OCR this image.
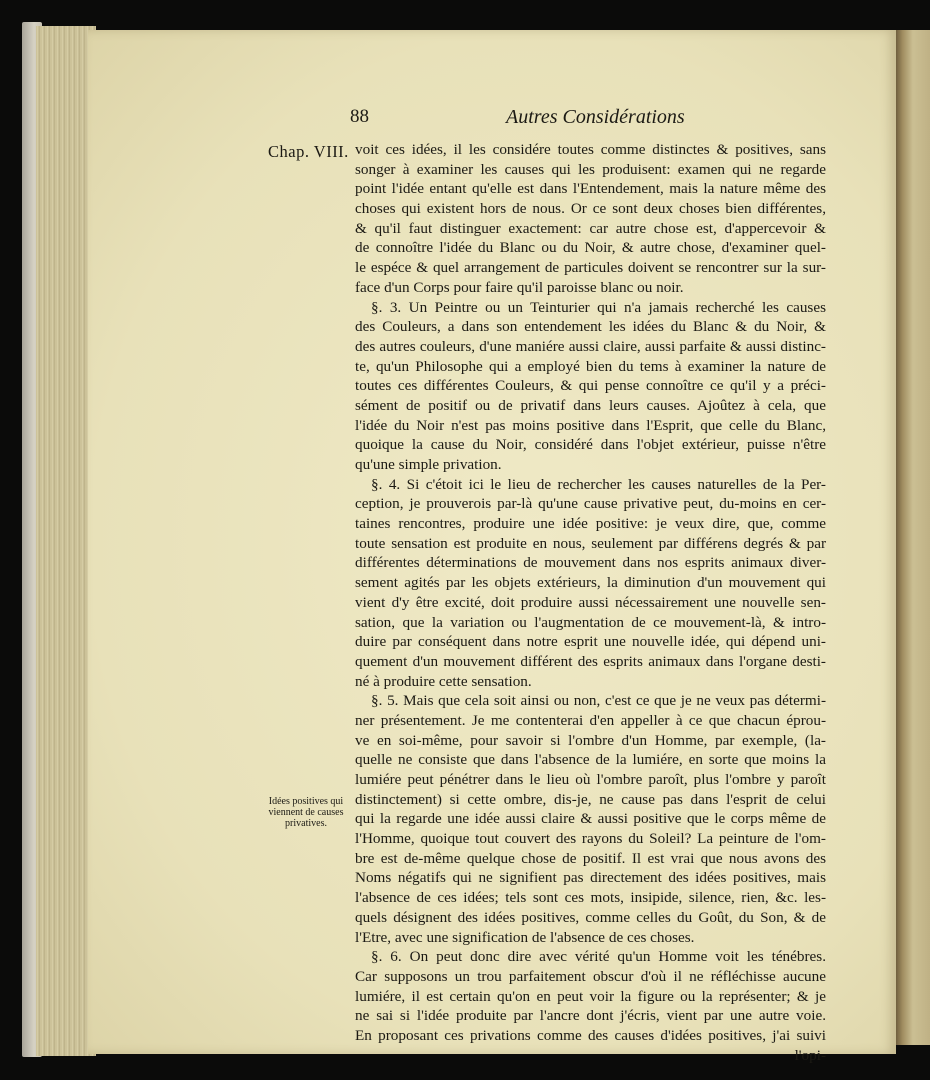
88	Autres Considérations
Chap. VIII.
Idées positives qui viennent de causes privatives.
voit ces idées, il les considére toutes comme distinctes & positives, sans
songer à examiner les causes qui les produisent: examen qui ne regarde
point l'idée entant qu'elle est dans l'Entendement, mais la nature même des
choses qui existent hors de nous. Or ce sont deux choses bien différentes,
& qu'il faut distinguer exactement: car autre chose est, d'appercevoir &
de connoître l'idée du Blanc ou du Noir, & autre chose, d'examiner quel-
le espéce & quel arrangement de particules doivent se rencontrer sur la sur-
face d'un Corps pour faire qu'il paroisse blanc ou noir.
§. 3. Un Peintre ou un Teinturier qui n'a jamais recherché les causes
des Couleurs, a dans son entendement les idées du Blanc & du Noir, &
des autres couleurs, d'une maniére aussi claire, aussi parfaite & aussi distinc-
te, qu'un Philosophe qui a employé bien du tems à examiner la nature de
toutes ces différentes Couleurs, & qui pense connoître ce qu'il y a préci-
sément de positif ou de privatif dans leurs causes. Ajoûtez à cela, que
l'idée du Noir n'est pas moins positive dans l'Esprit, que celle du Blanc,
quoique la cause du Noir, considéré dans l'objet extérieur, puisse n'être
qu'une simple privation.
§. 4. Si c'étoit ici le lieu de rechercher les causes naturelles de la Per-
ception, je prouverois par-là qu'une cause privative peut, du-moins en cer-
taines rencontres, produire une idée positive: je veux dire, que, comme
toute sensation est produite en nous, seulement par différens degrés & par
différentes déterminations de mouvement dans nos esprits animaux diver-
sement agités par les objets extérieurs, la diminution d'un mouvement qui
vient d'y être excité, doit produire aussi nécessairement une nouvelle sen-
sation, que la variation ou l'augmentation de ce mouvement-là, & intro-
duire par conséquent dans notre esprit une nouvelle idée, qui dépend uni-
quement d'un mouvement différent des esprits animaux dans l'organe desti-
né à produire cette sensation.
§. 5. Mais que cela soit ainsi ou non, c'est ce que je ne veux pas détermi-
ner présentement. Je me contenterai d'en appeller à ce que chacun éprou-
ve en soi-même, pour savoir si l'ombre d'un Homme, par exemple, (la-
quelle ne consiste que dans l'absence de la lumiére, en sorte que moins la
lumiére peut pénétrer dans le lieu où l'ombre paroît, plus l'ombre y paroît
distinctement) si cette ombre, dis-je, ne cause pas dans l'esprit de celui
qui la regarde une idée aussi claire & aussi positive que le corps même de
l'Homme, quoique tout couvert des rayons du Soleil? La peinture de l'om-
bre est de-même quelque chose de positif. Il est vrai que nous avons des
Noms négatifs qui ne signifient pas directement des idées positives, mais
l'absence de ces idées; tels sont ces mots, insipide, silence, rien, &c. les-
quels désignent des idées positives, comme celles du Goût, du Son, & de
l'Etre, avec une signification de l'absence de ces choses.
§. 6. On peut donc dire avec vérité qu'un Homme voit les ténébres.
Car supposons un trou parfaitement obscur d'où il ne réfléchisse aucune
lumiére, il est certain qu'on en peut voir la figure ou la représenter; & je
ne sai si l'idée produite par l'ancre dont j'écris, vient par une autre voie.
En proposant ces privations comme des causes d'idées positives, j'ai suivi
l'opi-
